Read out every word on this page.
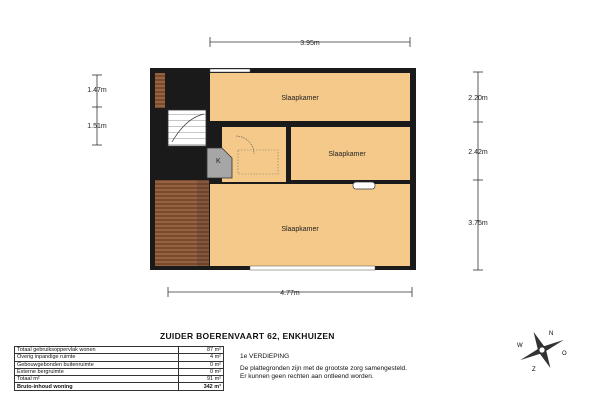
3.95m
1.47m
1.51m
2.20m
2.42m
3.75m
4.77m
K
Slaapkamer
Slaapkamer
Slaapkamer
ZUIDER BOERENVAART 62, ENKHUIZEN
Totaal gebruiksoppervlak wonen	87 m²
Overig inpandige ruimte	4 m²
Gebouwgebonden buitenruimte	0 m²
Externe bergruimte	0 m²
Totaal m²	91 m²
Bruto-inhoud woning	342 m³
1e VERDIEPING
De plattegronden zijn met de grootste zorg samengesteld.
Er kunnen geen rechten aan ontleend worden.
N
O
Z
W
